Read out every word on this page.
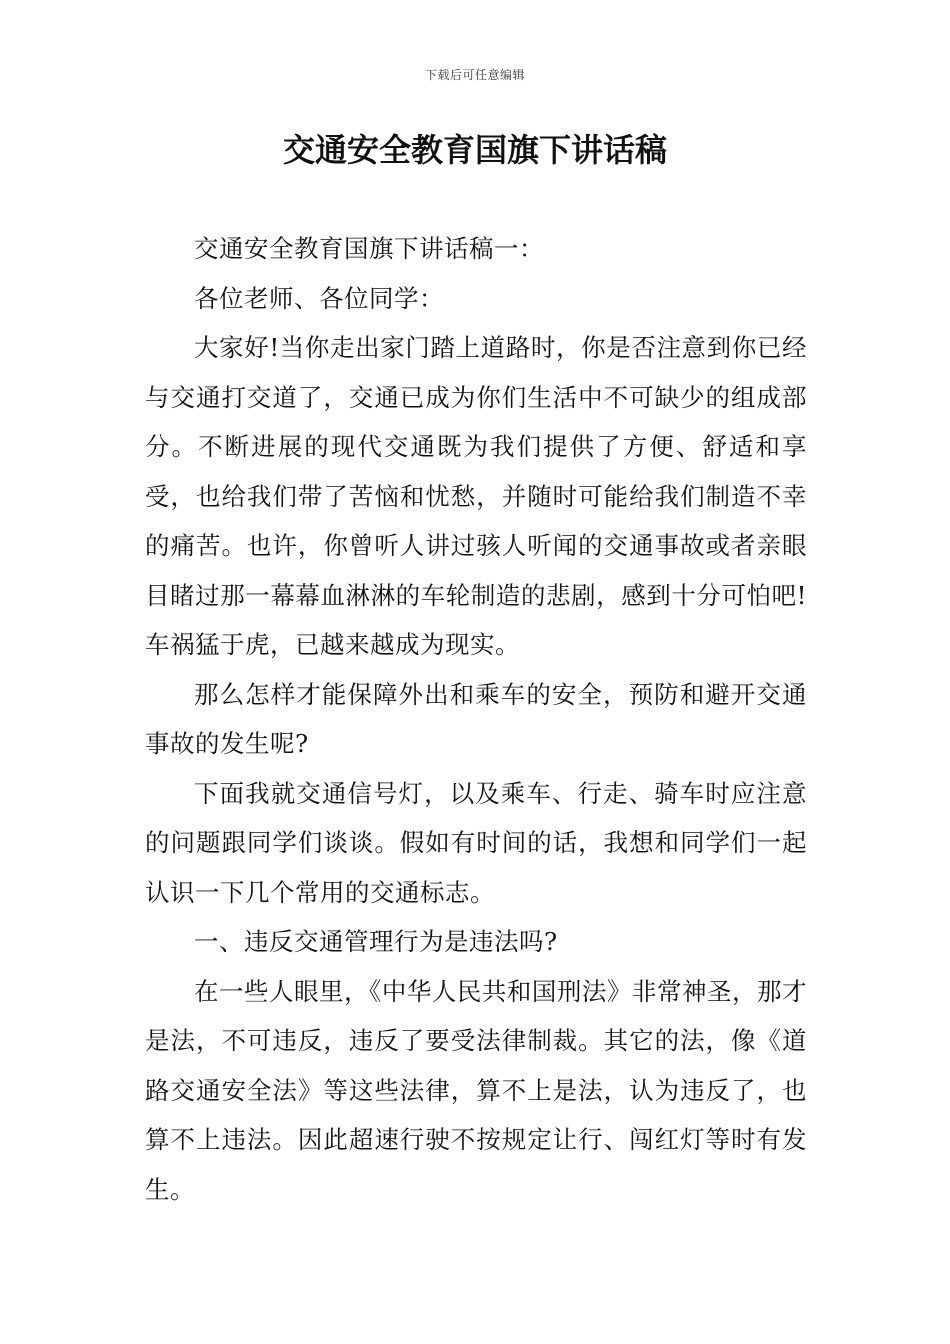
下载后可任意编辑
交通安全教育国旗下讲话稿

交通安全教育国旗下讲话稿一：

各位老师、各位同学：

大家好!当你走出家门踏上道路时，你是否注意到你已经与交通打交道了，交通已成为你们生活中不可缺少的组成部分。不断进展的现代交通既为我们提供了方便、舒适和享受，也给我们带了苦恼和忧愁，并随时可能给我们制造不幸的痛苦。也许，你曾听人讲过骇人听闻的交通事故或者亲眼目睹过那一幕幕血淋淋的车轮制造的悲剧，感到十分可怕吧!车祸猛于虎，已越来越成为现实。

那么怎样才能保障外出和乘车的安全，预防和避开交通事故的发生呢?

下面我就交通信号灯，以及乘车、行走、骑车时应注意的问题跟同学们谈谈。假如有时间的话，我想和同学们一起认识一下几个常用的交通标志。

一、违反交通管理行为是违法吗?

在一些人眼里，《中华人民共和国刑法》非常神圣，那才是法，不可违反，违反了要受法律制裁。其它的法，像《道路交通安全法》等这些法律，算不上是法，认为违反了，也算不上违法。因此超速行驶不按规定让行、闯红灯等时有发生。
